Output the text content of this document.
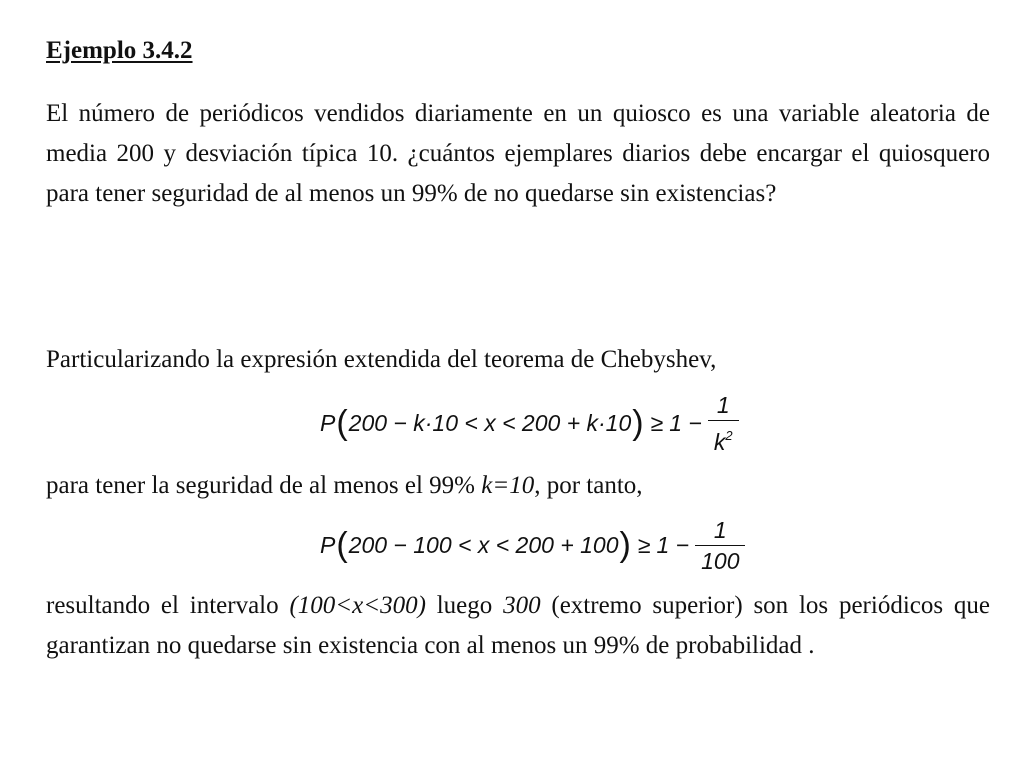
Ejemplo 3.4.2

El número de periódicos vendidos diariamente en un quiosco es una variable aleatoria de media 200 y desviación típica 10. ¿cuántos ejemplares diarios debe encargar el quiosquero para tener seguridad de al menos un 99% de no quedarse sin existencias?

Particularizando la expresión extendida del teorema de Chebyshev,

P ( 200 − k·10 < x < 200 + k·10 ) ≥ $1 - \frac{1}{k^2}$

para tener la seguridad de al menos el 99% k=10, por tanto,

P ( 200 − 100 < x < 200 + 100 ) ≥ $1 - \frac{1}{100}$

resultando el intervalo (100<x<300) luego 300 (extremo superior) son los periódicos que garantizan no quedarse sin existencia con al menos un 99% de probabilidad .
